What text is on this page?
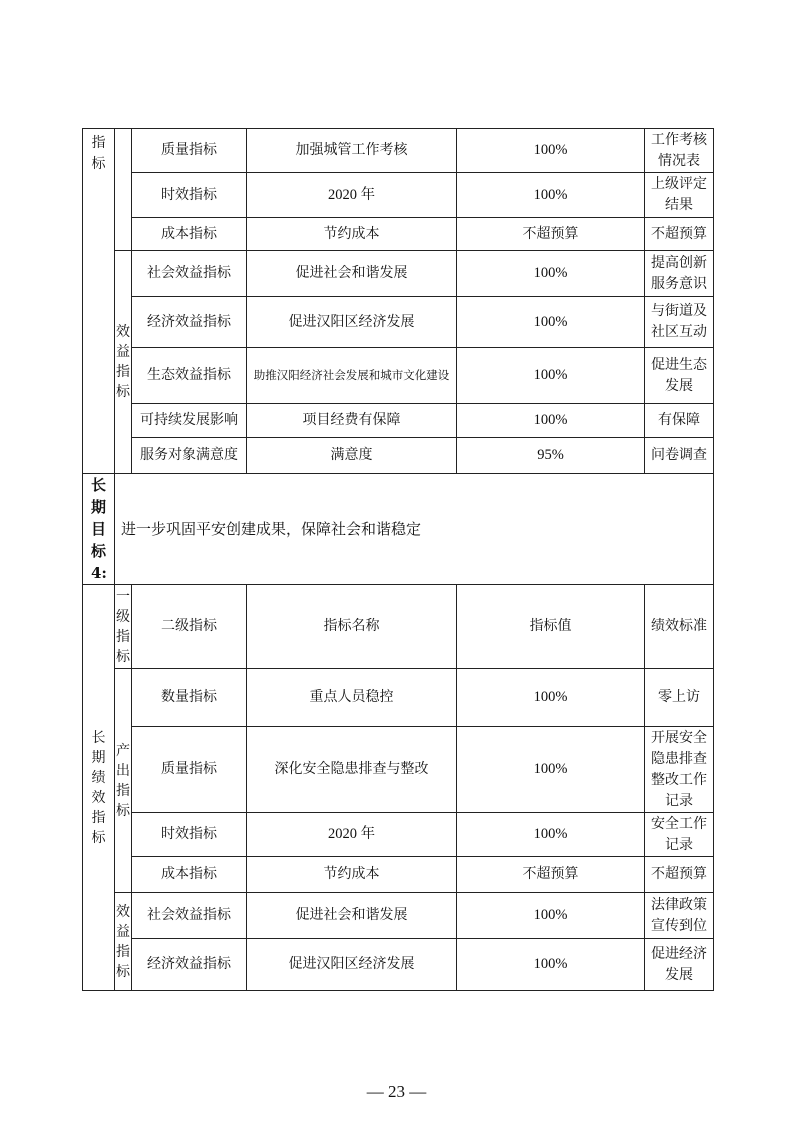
指标		质量指标	加强城管工作考核	100%	工作考核情况表
		时效指标	2020 年	100%	上级评定结果
		成本指标	节约成本	不超预算	不超预算

	效益指标	社会效益指标	促进社会和谐发展	100%	提高创新服务意识
		经济效益指标	促进汉阳区经济发展	100%	与街道及社区互动
		生态效益指标	助推汉阳经济社会发展和城市文化建设	100%	促进生态发展
		可持续发展影响	项目经费有保障	100%	有保障
		服务对象满意度	满意度	95%	问卷调查

长期目标4:	进一步巩固平安创建成果，保障社会和谐稳定				

长期绩效指标	一级指标	二级指标	指标名称	指标值	绩效标准

	产出指标	数量指标	重点人员稳控	100%	零上访
		质量指标	深化安全隐患排查与整改	100%	开展安全隐患排查整改工作记录
		时效指标	2020 年	100%	安全工作记录
		成本指标	节约成本	不超预算	不超预算

	效益指标	社会效益指标	促进社会和谐发展	100%	法律政策宣传到位
		经济效益指标	促进汉阳区经济发展	100%	促进经济发展
— 23 —
